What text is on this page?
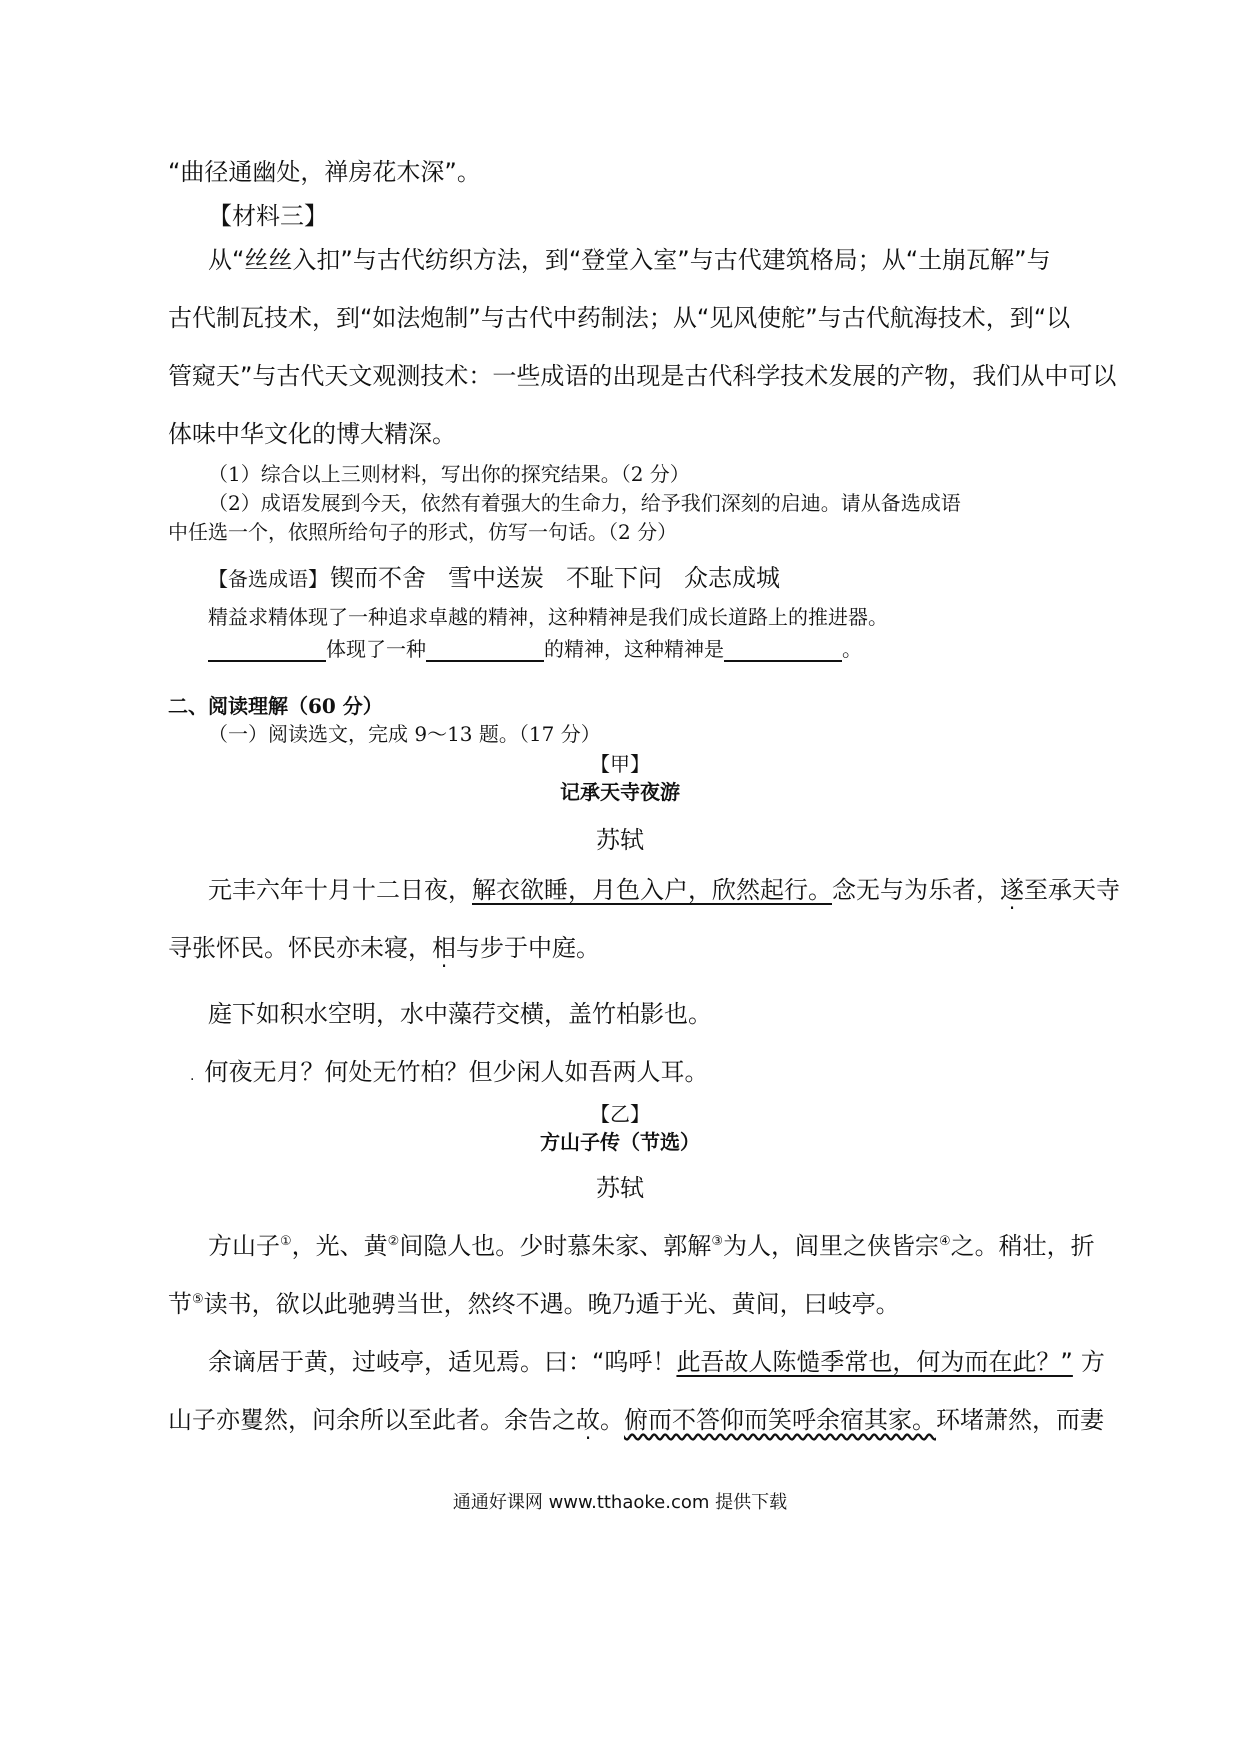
“曲径通幽处，禅房花木深”。
【材料三】
从“丝丝入扣”与古代纺织方法，到“登堂入室”与古代建筑格局；从“土崩瓦解”与
古代制瓦技术，到“如法炮制”与古代中药制法；从“见风使舵”与古代航海技术，到“以
管窥天”与古代天文观测技术：一些成语的出现是古代科学技术发展的产物，我们从中可以
体味中华文化的博大精深。
（1）综合以上三则材料，写出你的探究结果。（2 分）
（2）成语发展到今天，依然有着强大的生命力，给予我们深刻的启迪。请从备选成语
中任选一个，依照所给句子的形式，仿写一句话。（2 分）
【备选成语】锲而不舍 雪中送炭 不耻下问 众志成城
精益求精体现了一种追求卓越的精神，这种精神是我们成长道路上的推进器。
体现了一种	的精神，这种精神是	。
二、阅读理解（60 分）
（一）阅读选文，完成 9～13 题。（17 分）
【甲】
记承天寺夜游
苏轼
元丰六年十月十二日夜，解衣欲睡，月色入户，欣然起行。念无与为乐者，遂至承天寺
寻张怀民。怀民亦未寝，相与步于中庭。
庭下如积水空明，水中藻荇交横，盖竹柏影也。
. 何夜无月？何处无竹柏？但少闲人如吾两人耳。
【乙】
方山子传（节选）
苏轼
方山子①，光、黄②间隐人也。少时慕朱家、郭解③为人，闾里之侠皆宗④之。稍壮，折
节⑤读书，欲以此驰骋当世，然终不遇。晚乃遁于光、黄间，曰岐亭。
余谪居于黄，过岐亭，适见焉。曰：“呜呼！此吾故人陈慥季常也，何为而在此？” 方
山子亦矍然，问余所以至此者。余告之故。俯而不答仰而笑呼余宿其家。环堵萧然，而妻
通通好课网 www.tthaoke.com 提供下载
